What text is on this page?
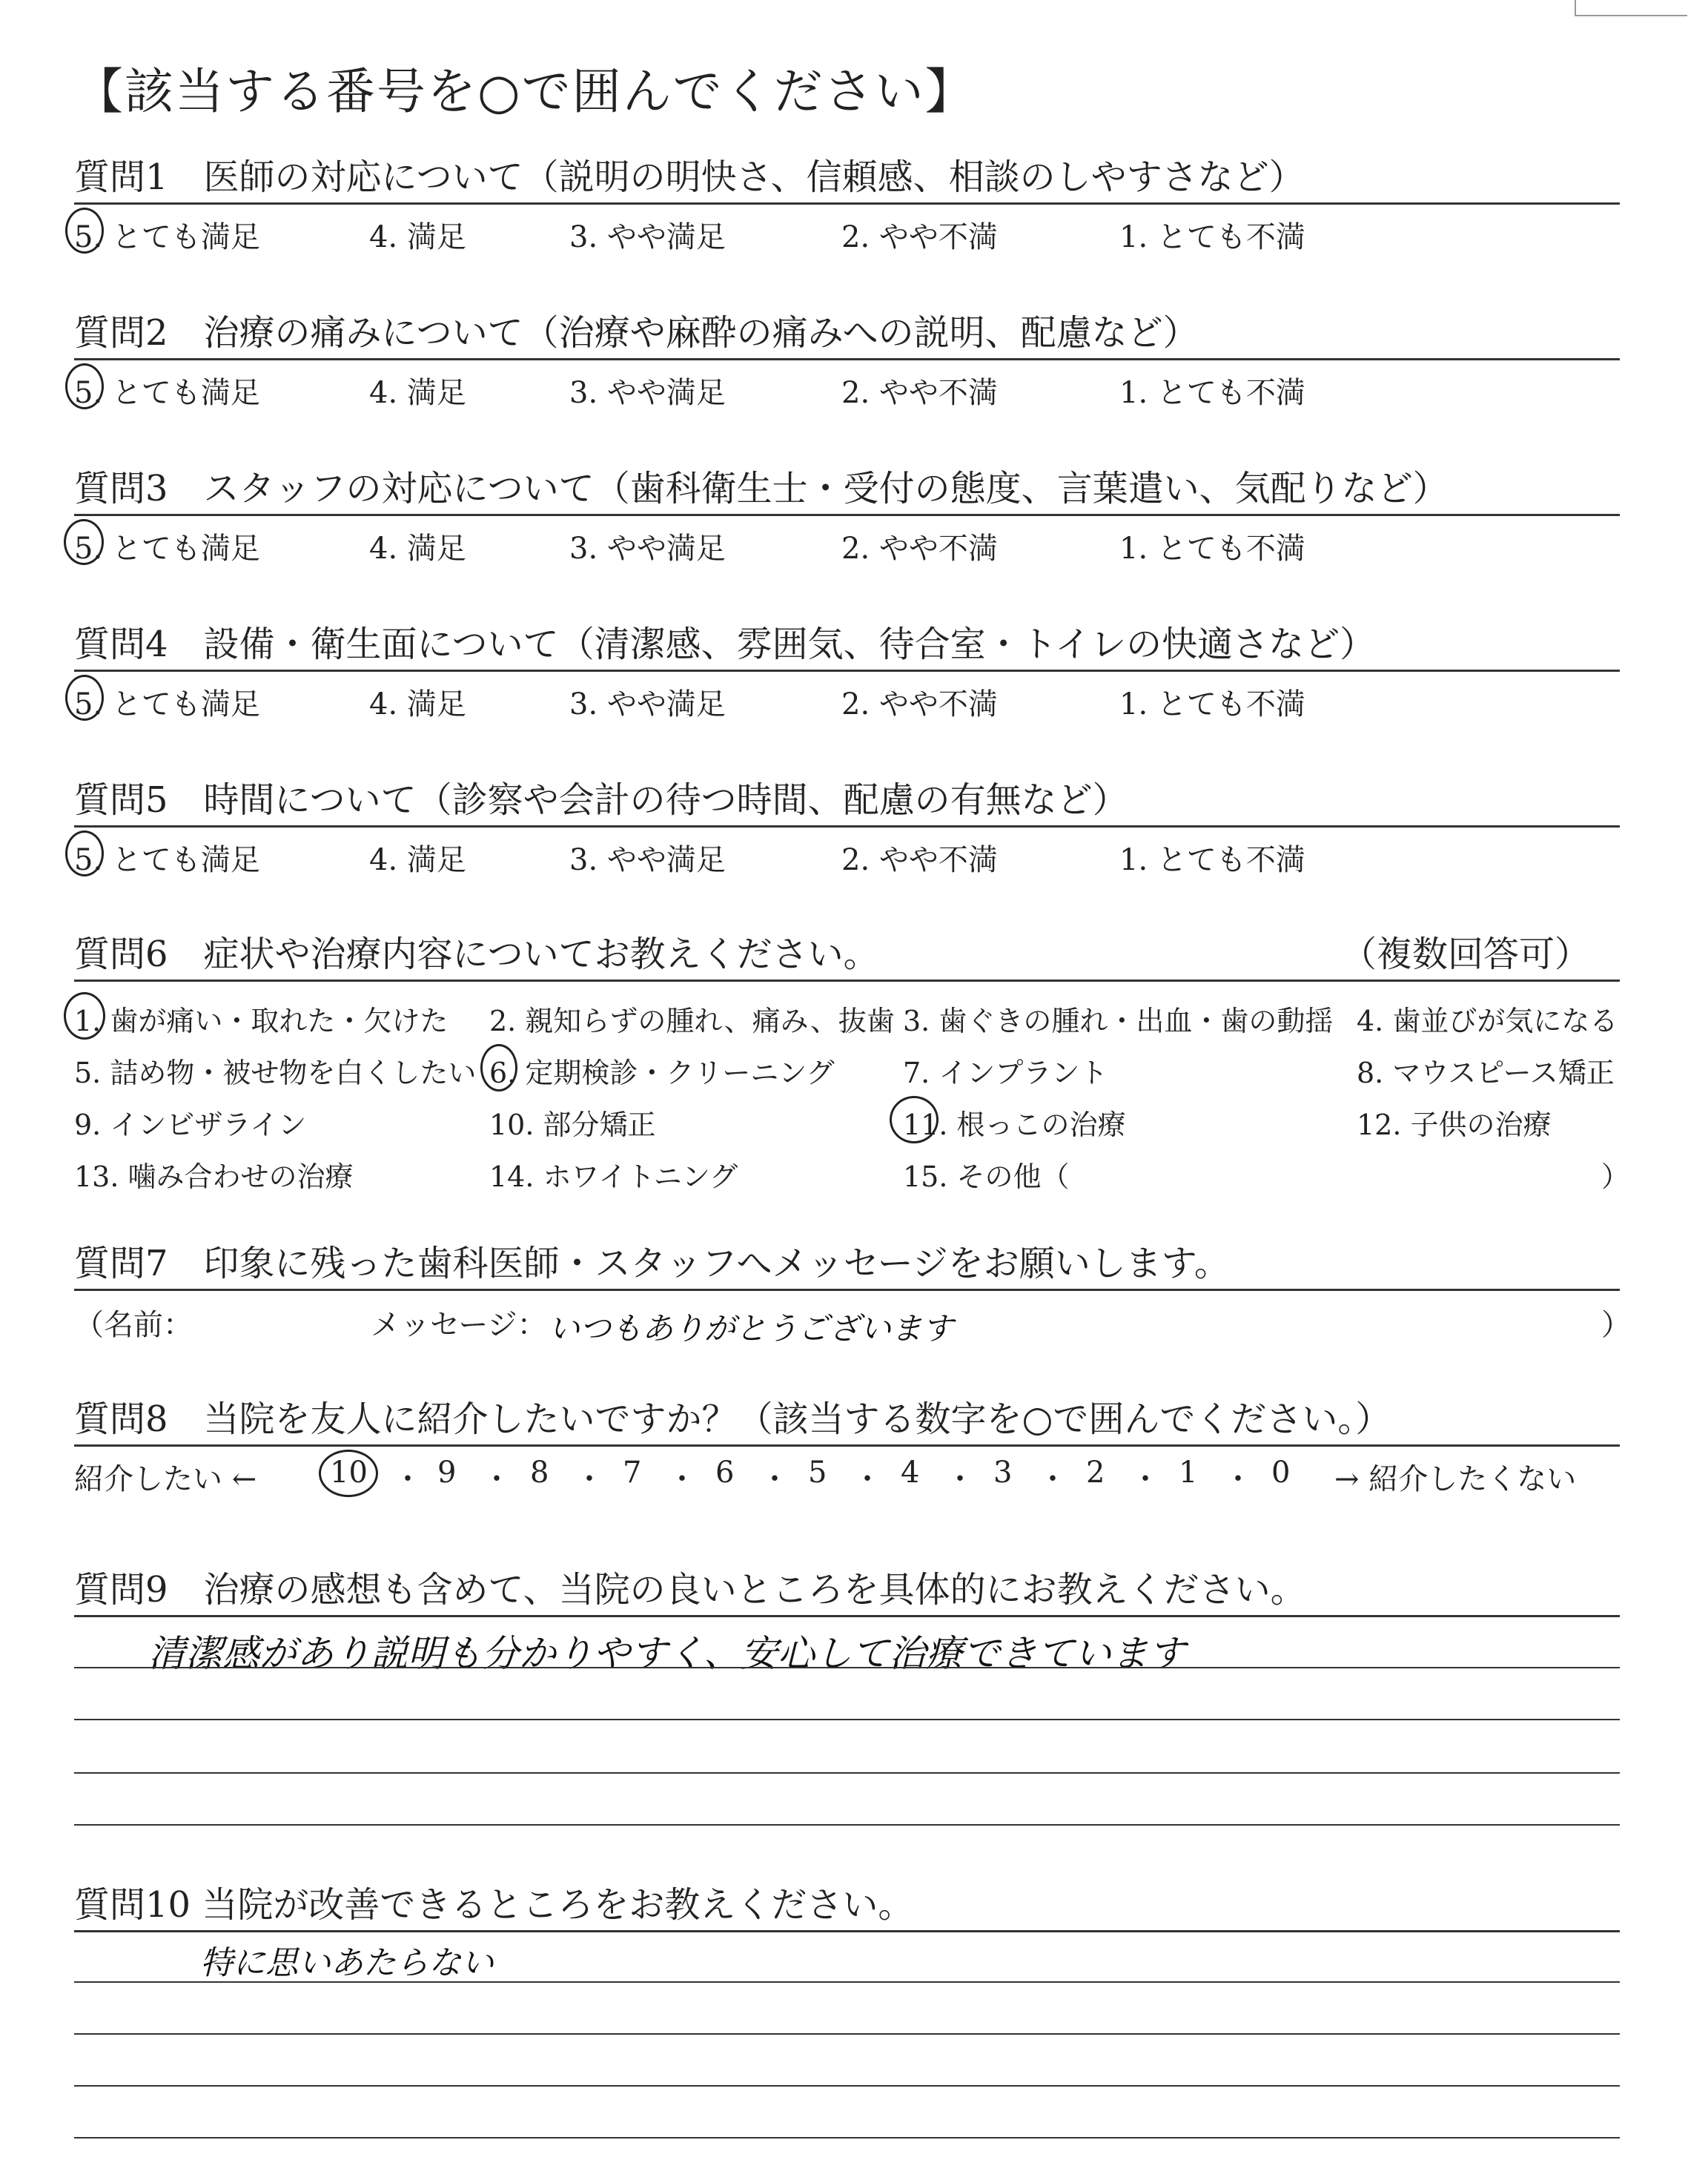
【該当する番号を○で囲んでください】
質問1　医師の対応について（説明の明快さ、信頼感、相談のしやすさなど）
5. とても満足	4. 満足	3. やや満足	2. やや不満	1. とても不満
質問2　治療の痛みについて（治療や麻酔の痛みへの説明、配慮など）
5. とても満足	4. 満足	3. やや満足	2. やや不満	1. とても不満
質問3　スタッフの対応について（歯科衛生士・受付の態度、言葉遣い、気配りなど）
5. とても満足	4. 満足	3. やや満足	2. やや不満	1. とても不満
質問4　設備・衛生面について（清潔感、雰囲気、待合室・トイレの快適さなど）
5. とても満足	4. 満足	3. やや満足	2. やや不満	1. とても不満
質問5　時間について（診察や会計の待つ時間、配慮の有無など）
5. とても満足	4. 満足	3. やや満足	2. やや不満	1. とても不満
質問6　症状や治療内容についてお教えください。	（複数回答可）
1. 歯が痛い・取れた・欠けた 2. 親知らずの腫れ、痛み、抜歯 3. 歯ぐきの腫れ・出血・歯の動揺 4. 歯並びが気になる
5. 詰め物・被せ物を白くしたい 6. 定期検診・クリーニング 7. インプラント	8. マウスピース矯正
9. インビザライン	10. 部分矯正	11. 根っこの治療	12. 子供の治療
13. 噛み合わせの治療	14. ホワイトニング	15. その他（	）
質問7　印象に残った歯科医師・スタッフへメッセージをお願いします。
（名前：	メッセージ： いつもありがとうございます	）
質問8　当院を友人に紹介したいですか？（該当する数字を○で囲んでください。）
紹介したい ← 10 ・ 9 ・ 8 ・ 7 ・ 6 ・ 5 ・ 4 ・ 3 ・ 2 ・ 1 ・ 0 → 紹介したくない
質問9　治療の感想も含めて、当院の良いところを具体的にお教えください。
清潔感があり説明も分かりやすく、安心して治療できています
質問10 当院が改善できるところをお教えください。
特に思いあたらない
